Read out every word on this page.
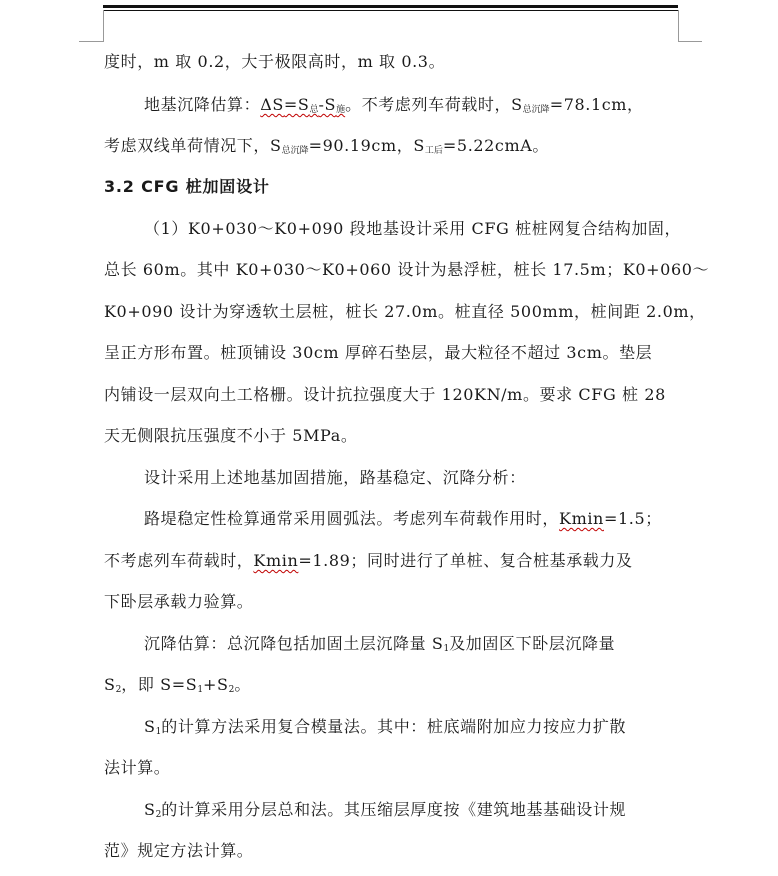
度时，m 取 0.2，大于极限高时，m 取 0.3。
地基沉降估算：$\Delta S=S_总-S_施$。不考虑列车荷载时，$S_{总沉降}=78.1cm$，
考虑双线单荷情况下，$S_{总沉降}=90.19cm$，$S_{工后}=5.22cmA$。
3.2 CFG 桩加固设计
（1）K0+030～K0+090 段地基设计采用 CFG 桩桩网复合结构加固，
总长 60m。其中 K0+030～K0+060 设计为悬浮桩，桩长 17.5m；K0+060～
K0+090 设计为穿透软土层桩，桩长 27.0m。桩直径 500mm，桩间距 2.0m，
呈正方形布置。桩顶铺设 30cm 厚碎石垫层，最大粒径不超过 3cm。垫层
内铺设一层双向土工格栅。设计抗拉强度大于 120KN/m。要求 CFG 桩 28
天无侧限抗压强度不小于 5MPa。
设计采用上述地基加固措施，路基稳定、沉降分析：
路堤稳定性检算通常采用圆弧法。考虑列车荷载作用时，Kmin=1.5；
不考虑列车荷载时，Kmin=1.89；同时进行了单桩、复合桩基承载力及
下卧层承载力验算。
沉降估算：总沉降包括加固土层沉降量 $S_1$及加固区下卧层沉降量
$S_2$，即 $S=S_1+S_2$。
$S_1$的计算方法采用复合模量法。其中：桩底端附加应力按应力扩散
法计算。
$S_2$的计算采用分层总和法。其压缩层厚度按《建筑地基基础设计规
范》规定方法计算。
